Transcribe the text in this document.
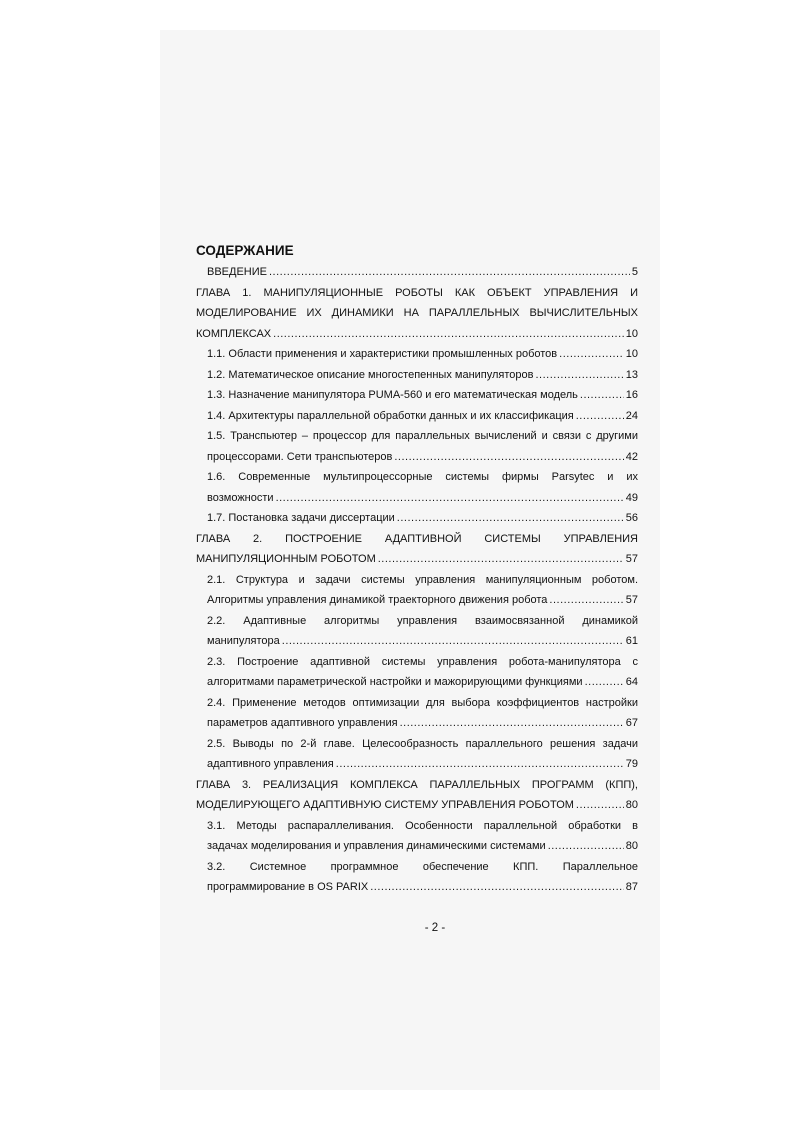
СОДЕРЖАНИЕ
ВВЕДЕНИЕ .....	5
ГЛАВА 1. МАНИПУЛЯЦИОННЫЕ РОБОТЫ КАК ОБЪЕКТ УПРАВЛЕНИЯ И
МОДЕЛИРОВАНИЕ ИХ ДИНАМИКИ НА ПАРАЛЛЕЛЬНЫХ ВЫЧИСЛИТЕЛЬНЫХ
КОМПЛЕКСАХ .....	10
1.1. Области применения и характеристики промышленных роботов .....	10
1.2. Математическое описание многостепенных манипуляторов .....	13
1.3. Назначение манипулятора PUMA-560 и его математическая модель .....	16
1.4. Архитектуры параллельной обработки данных и их классификация .....	24
1.5. Транспьютер – процессор для параллельных вычислений и связи с другими
процессорами. Сети транспьютеров .....	42
1.6. Современные мультипроцессорные системы фирмы Parsytec и их
возможности .....	49
1.7. Постановка задачи диссертации .....	56
ГЛАВА 2. ПОСТРОЕНИЕ АДАПТИВНОЙ СИСТЕМЫ УПРАВЛЕНИЯ
МАНИПУЛЯЦИОННЫМ РОБОТОМ .....	57
2.1. Структура и задачи системы управления манипуляционным роботом.
Алгоритмы управления динамикой траекторного движения робота .....	57
2.2. Адаптивные алгоритмы управления взаимосвязанной динамикой
манипулятора .....	61
2.3. Построение адаптивной системы управления робота-манипулятора с
алгоритмами параметрической настройки и мажорирующими функциями .....	64
2.4. Применение методов оптимизации для выбора коэффициентов настройки
параметров адаптивного управления .....	67
2.5. Выводы по 2-й главе. Целесообразность параллельного решения задачи
адаптивного управления .....	79
ГЛАВА 3. РЕАЛИЗАЦИЯ КОМПЛЕКСА ПАРАЛЛЕЛЬНЫХ ПРОГРАММ (КПП),
МОДЕЛИРУЮЩЕГО АДАПТИВНУЮ СИСТЕМУ УПРАВЛЕНИЯ РОБОТОМ .....	80
3.1. Методы распараллеливания. Особенности параллельной обработки в
задачах моделирования и управления динамическими системами .....	80
3.2. Системное программное обеспечение КПП. Параллельное
программирование в OS PARIX .....	87
- 2 -
